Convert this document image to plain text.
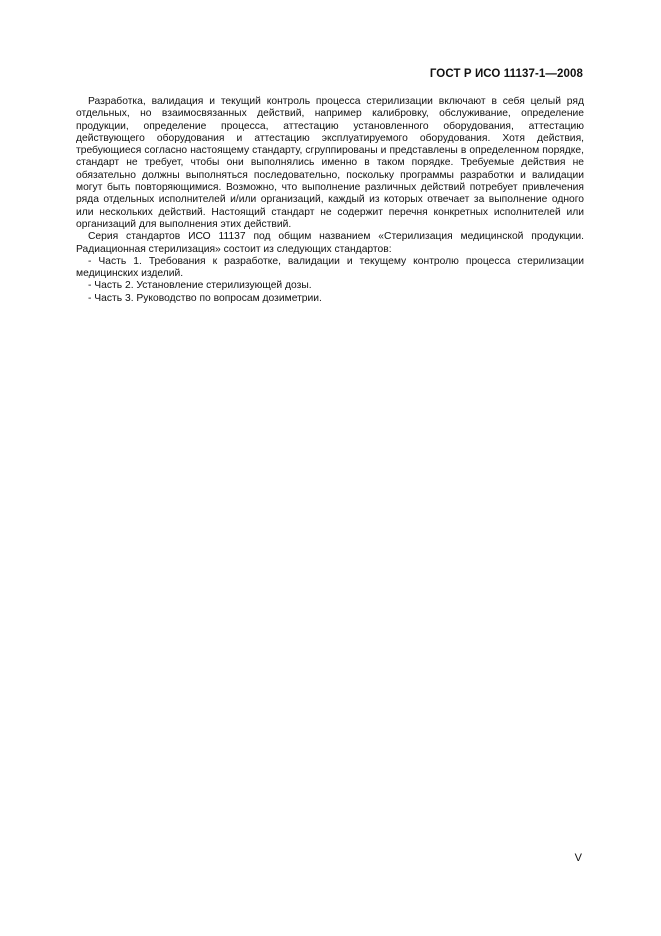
ГОСТ Р ИСО 11137-1—2008

Разработка, валидация и текущий контроль процесса стерилизации включают в себя целый ряд отдельных, но взаимосвязанных действий, например калибровку, обслуживание, определение продукции, определение процесса, аттестацию установленного оборудования, аттестацию действующего оборудования и аттестацию эксплуатируемого оборудования. Хотя действия, требующиеся согласно настоящему стандарту, сгруппированы и представлены в определенном порядке, стандарт не требует, чтобы они выполнялись именно в таком порядке. Требуемые действия не обязательно должны выполняться последовательно, поскольку программы разработки и валидации могут быть повторяющимися. Возможно, что выполнение различных действий потребует привлечения ряда отдельных исполнителей и/или организаций, каждый из которых отвечает за выполнение одного или нескольких действий. Настоящий стандарт не содержит перечня конкретных исполнителей или организаций для выполнения этих действий.

Серия стандартов ИСО 11137 под общим названием «Стерилизация медицинской продукции. Радиационная стерилизация» состоит из следующих стандартов:

- Часть 1. Требования к разработке, валидации и текущему контролю процесса стерилизации медицинских изделий.

- Часть 2. Установление стерилизующей дозы.

- Часть 3. Руководство по вопросам дозиметрии.

V
